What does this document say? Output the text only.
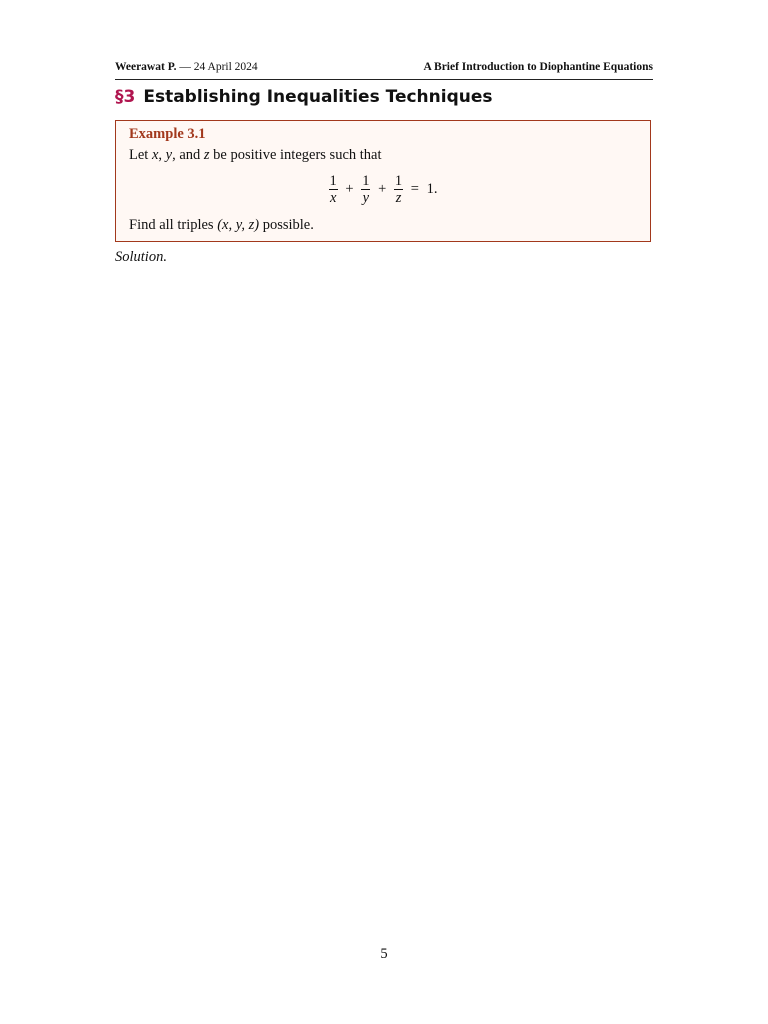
Weerawat P. — 24 April 2024	A Brief Introduction to Diophantine Equations
§3 Establishing Inequalities Techniques
Example 3.1
Let x, y, and z be positive integers such that
$\frac{1}{x} + \frac{1}{y} + \frac{1}{z} = 1$.
Find all triples (x, y, z) possible.
Solution.
5
